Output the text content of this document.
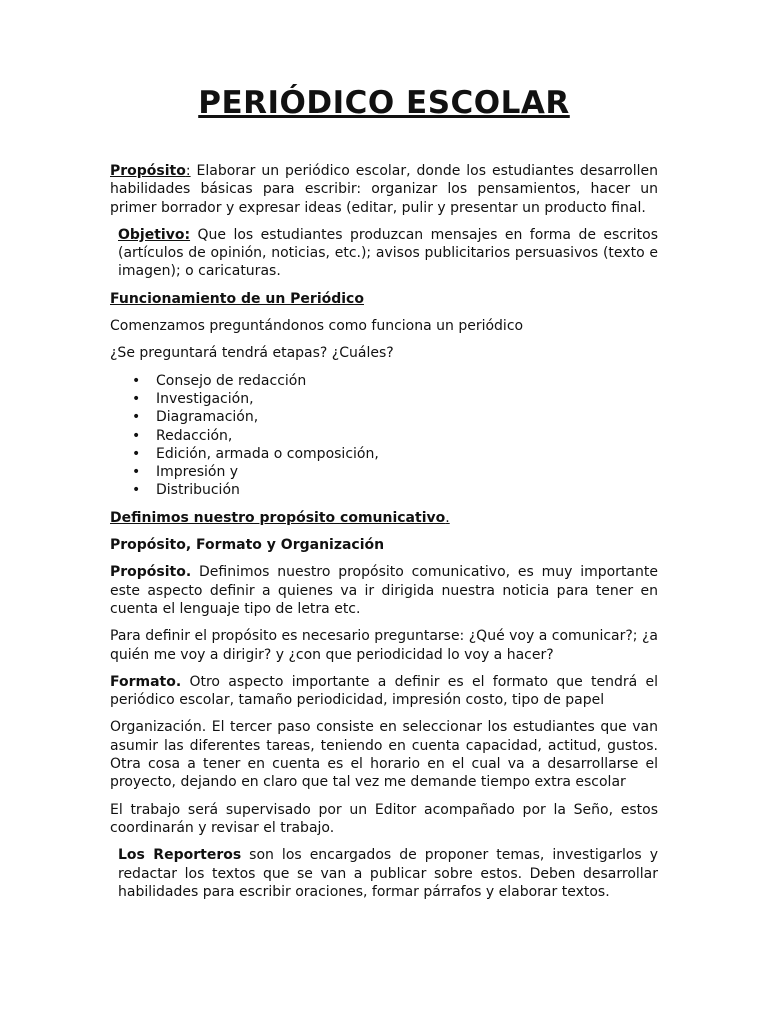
PERIÓDICO ESCOLAR

Propósito: Elaborar un periódico escolar, donde los estudiantes desarrollen habilidades básicas para escribir: organizar los pensamientos, hacer un primer borrador y expresar ideas (editar, pulir y presentar un producto final.

Objetivo: Que los estudiantes produzcan mensajes en forma de escritos (artículos de opinión, noticias, etc.); avisos publicitarios persuasivos (texto e imagen); o caricaturas.

Funcionamiento de un Periódico

Comenzamos preguntándonos como funciona un periódico

¿Se preguntará tendrá etapas? ¿Cuáles?

• Consejo de redacción
• Investigación,
• Diagramación,
• Redacción,
• Edición, armada o composición,
• Impresión y
• Distribución

Definimos nuestro propósito comunicativo.

Propósito, Formato y Organización

Propósito. Definimos nuestro propósito comunicativo, es muy importante este aspecto definir a quienes va ir dirigida nuestra noticia para tener en cuenta el lenguaje tipo de letra etc.

Para definir el propósito es necesario preguntarse: ¿Qué voy a comunicar?; ¿a quién me voy a dirigir? y ¿con que periodicidad lo voy a hacer?

Formato. Otro aspecto importante a definir es el formato que tendrá el periódico escolar, tamaño periodicidad, impresión costo, tipo de papel

Organización. El tercer paso consiste en seleccionar los estudiantes que van asumir las diferentes tareas, teniendo en cuenta capacidad, actitud, gustos. Otra cosa a tener en cuenta es el horario en el cual va a desarrollarse el proyecto, dejando en claro que tal vez me demande tiempo extra escolar

El trabajo será supervisado por un Editor acompañado por la Seño, estos coordinarán y revisar el trabajo.

Los Reporteros son los encargados de proponer temas, investigarlos y redactar los textos que se van a publicar sobre estos. Deben desarrollar habilidades para escribir oraciones, formar párrafos y elaborar textos.
